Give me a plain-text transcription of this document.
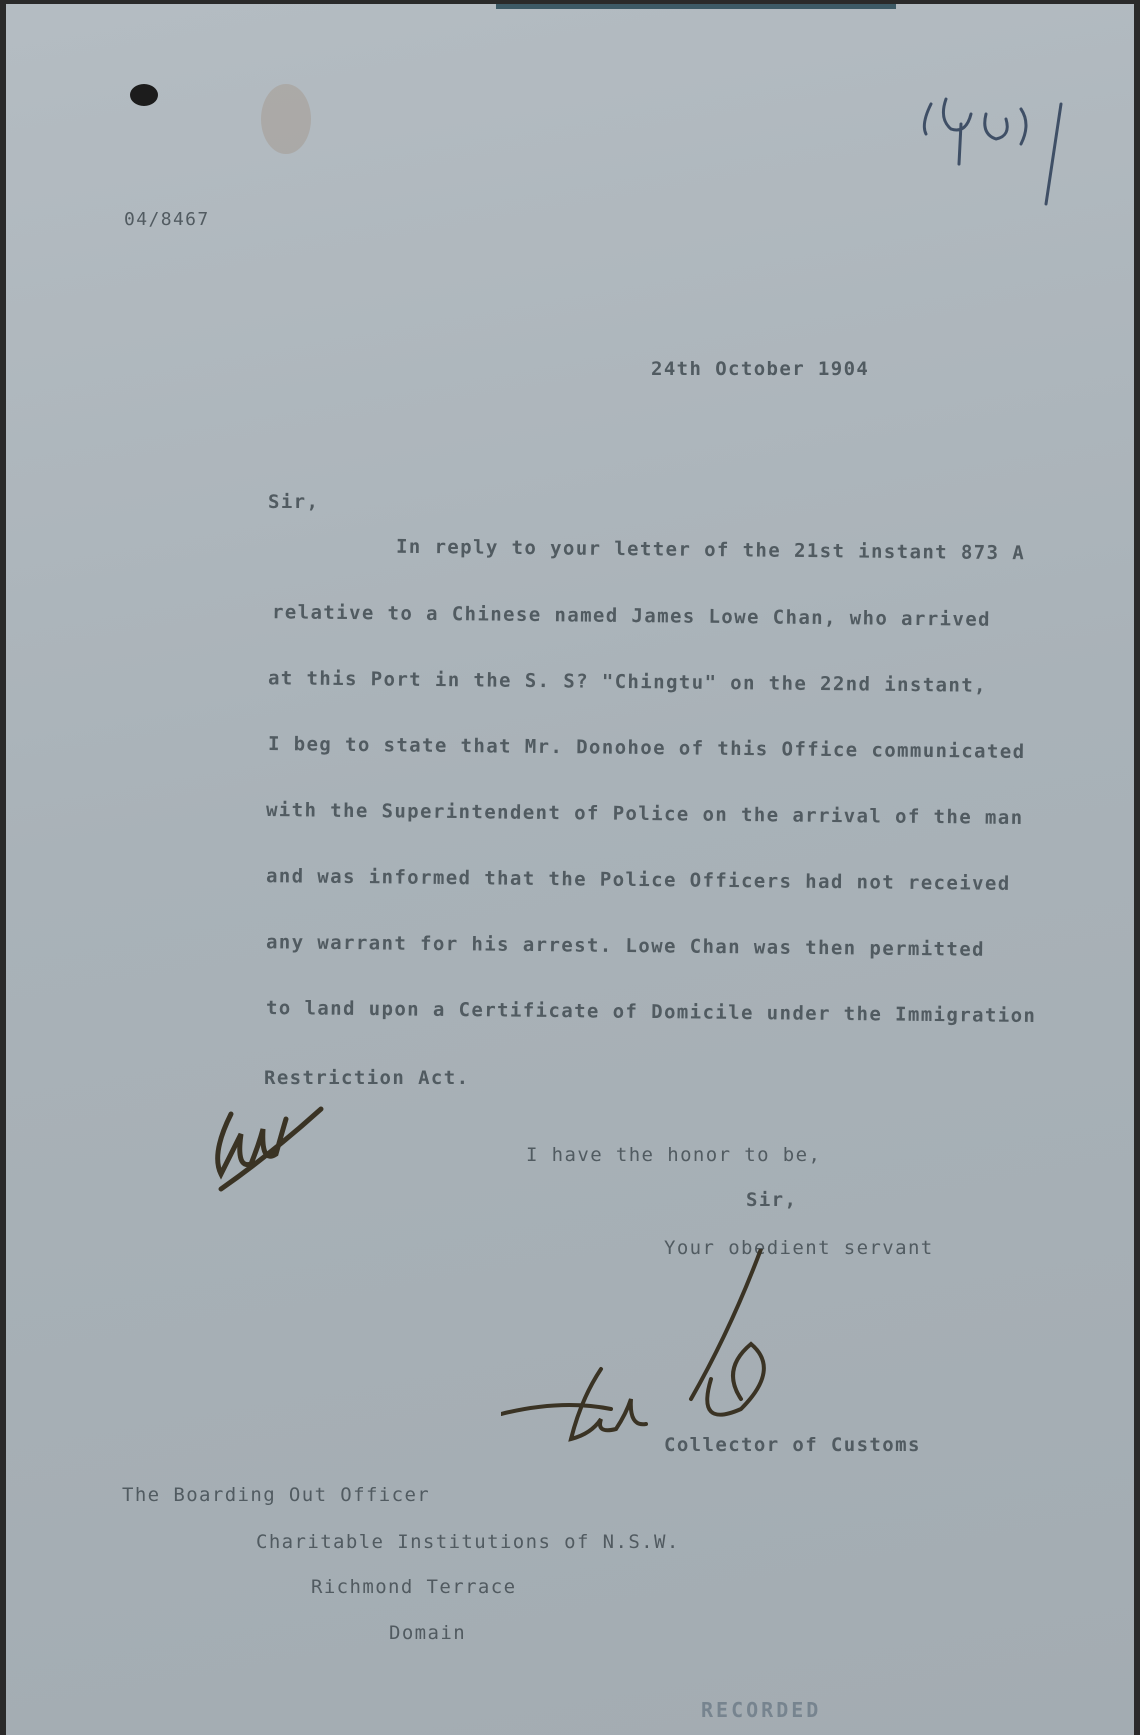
04/8467
24th October 1904
Sir,
In reply to your letter of the 21st instant 873 A
relative to a Chinese named James Lowe Chan, who arrived
at this Port in the S. S? "Chingtu" on the 22nd instant,
I beg to state that Mr. Donohoe of this Office communicated
with the Superintendent of Police on the arrival of the man
and was informed that the Police Officers had not received
any warrant for his arrest. Lowe Chan was then permitted
to land upon a Certificate of Domicile under the Immigration
Restriction Act.
I have the honor to be,
Sir,
Your obedient servant
Collector of Customs
The Boarding Out Officer
Charitable Institutions of N.S.W.
Richmond Terrace
Domain
RECORDED
